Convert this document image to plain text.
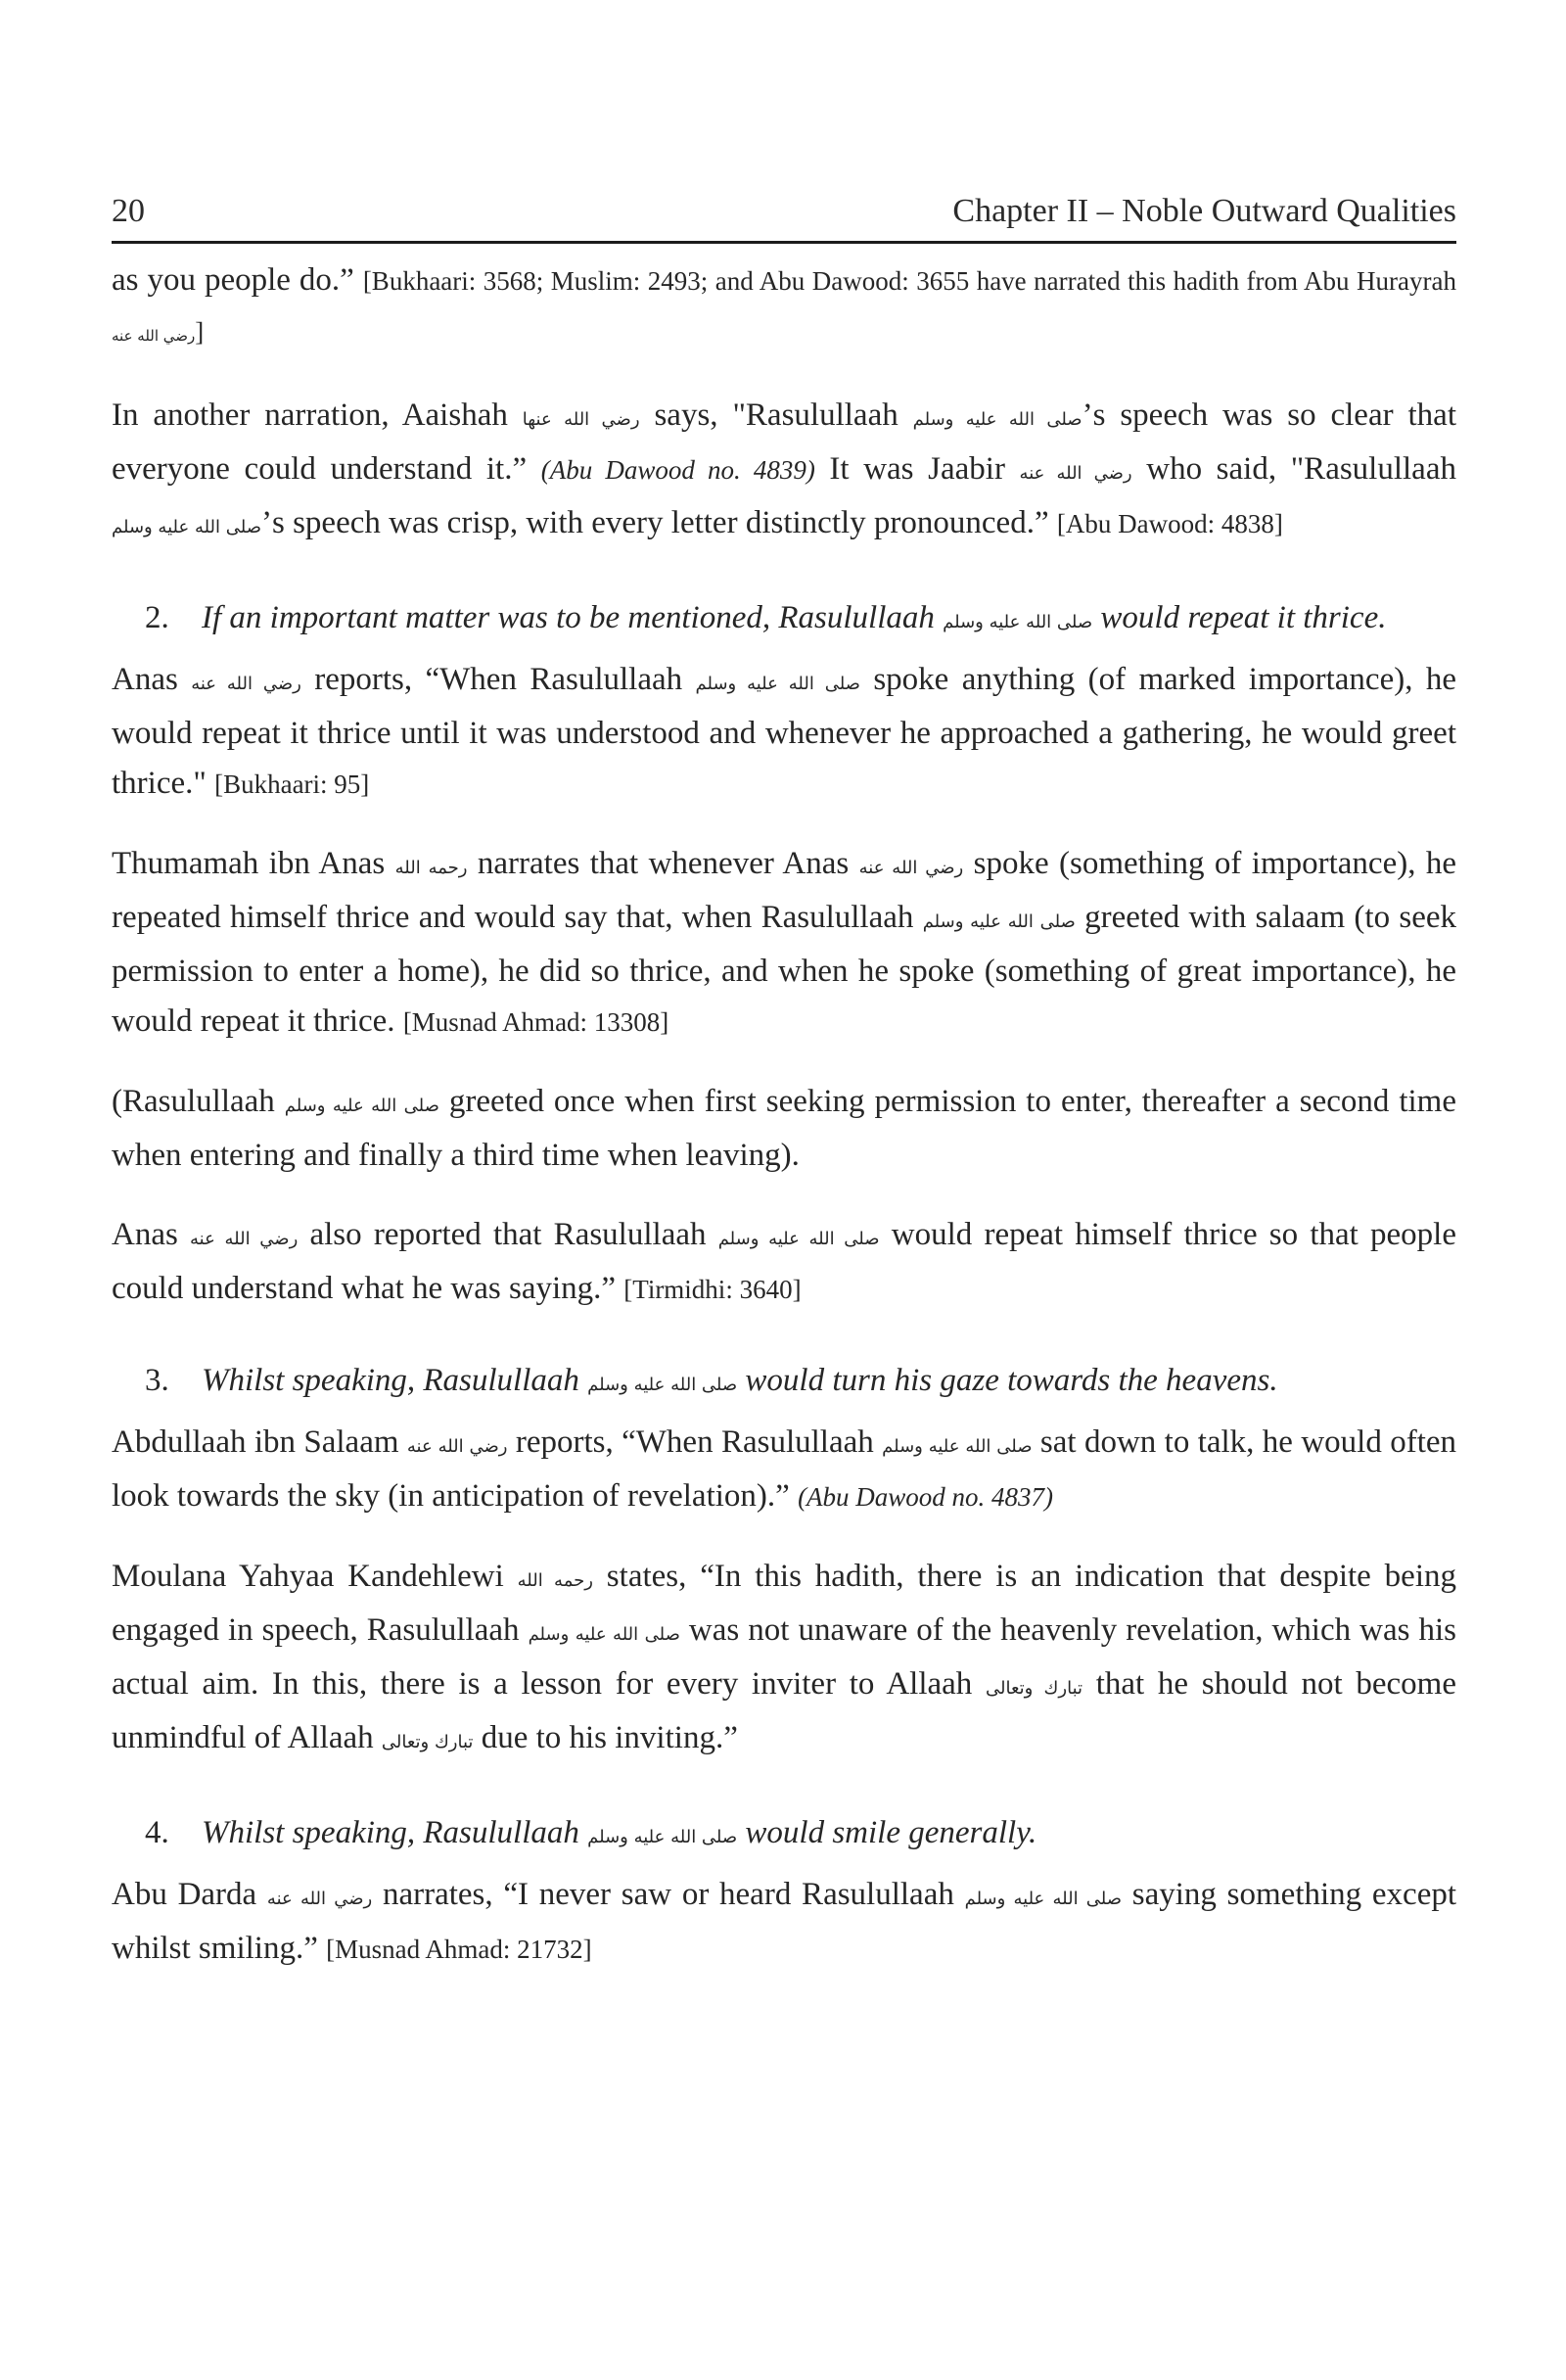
20	Chapter II – Noble Outward Qualities

as you people do.” [Bukhaari: 3568; Muslim: 2493; and Abu Dawood: 3655 have narrated this hadith from Abu Hurayrah رضي الله عنه]

In another narration, Aaishah رضي الله عنها says, "Rasulullaah صلى الله عليه وسلم’s speech was so clear that everyone could understand it.” (Abu Dawood no. 4839) It was Jaabir رضي الله عنه who said, "Rasulullaah صلى الله عليه وسلم’s speech was crisp, with every letter distinctly pronounced.” [Abu Dawood: 4838]

2. If an important matter was to be mentioned, Rasulullaah صلى الله عليه وسلم would repeat it thrice.

Anas رضي الله عنه reports, “When Rasulullaah صلى الله عليه وسلم spoke anything (of marked importance), he would repeat it thrice until it was understood and whenever he approached a gathering, he would greet thrice." [Bukhaari: 95]

Thumamah ibn Anas رحمه الله narrates that whenever Anas رضي الله عنه spoke (something of importance), he repeated himself thrice and would say that, when Rasulullaah صلى الله عليه وسلم greeted with salaam (to seek permission to enter a home), he did so thrice, and when he spoke (something of great importance), he would repeat it thrice. [Musnad Ahmad: 13308]

(Rasulullaah صلى الله عليه وسلم greeted once when first seeking permission to enter, thereafter a second time when entering and finally a third time when leaving).

Anas رضي الله عنه also reported that Rasulullaah صلى الله عليه وسلم would repeat himself thrice so that people could understand what he was saying.” [Tirmidhi: 3640]

3. Whilst speaking, Rasulullaah صلى الله عليه وسلم would turn his gaze towards the heavens.

Abdullaah ibn Salaam رضي الله عنه reports, “When Rasulullaah صلى الله عليه وسلم sat down to talk, he would often look towards the sky (in anticipation of revelation).” (Abu Dawood no. 4837)

Moulana Yahyaa Kandehlewi رحمه الله states, “In this hadith, there is an indication that despite being engaged in speech, Rasulullaah صلى الله عليه وسلم was not unaware of the heavenly revelation, which was his actual aim. In this, there is a lesson for every inviter to Allaah تبارك وتعالى that he should not become unmindful of Allaah تبارك وتعالى due to his inviting.”

4. Whilst speaking, Rasulullaah صلى الله عليه وسلم would smile generally.

Abu Darda رضي الله عنه narrates, “I never saw or heard Rasulullaah صلى الله عليه وسلم saying something except whilst smiling.” [Musnad Ahmad: 21732]
